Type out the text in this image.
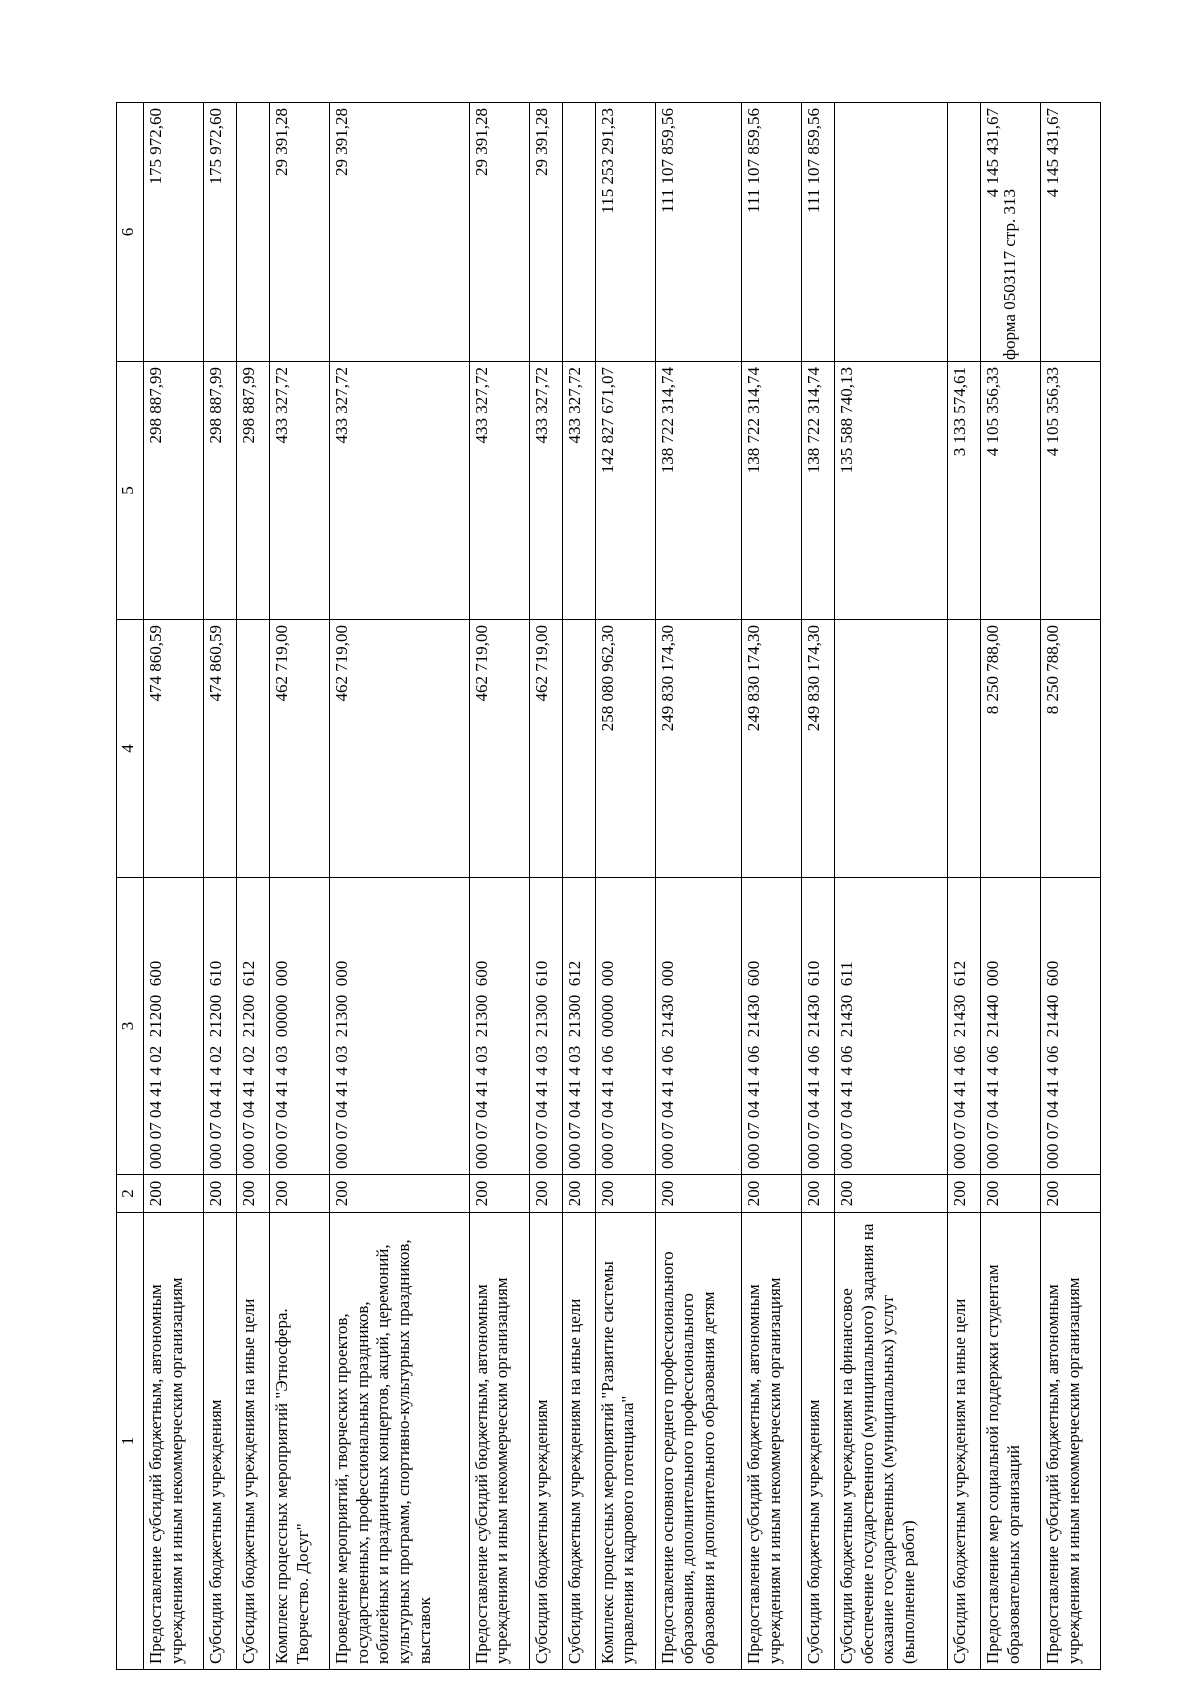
форма 0503117 стр. 313
1	2	3	4	5	6
Предоставление субсидий бюджетным, автономным учреждениям и иным некоммерческим организациям	200	000 07 04 41 4 02  21200  600	474 860,59	298 887,99	175 972,60
Субсидии бюджетным учреждениям	200	000 07 04 41 4 02  21200  610	474 860,59	298 887,99	175 972,60
Субсидии бюджетным учреждениям на иные цели	200	000 07 04 41 4 02  21200  612		298 887,99	
Комплекс процессных мероприятий "Этносфера. Творчество. Досуг"	200	000 07 04 41 4 03  00000  000	462 719,00	433 327,72	29 391,28
Проведение мероприятий, творческих проектов, государственных, профессиональных праздников, юбилейных и праздничных концертов, акций, церемоний, культурных программ, спортивно-культурных праздников, выставок	200	000 07 04 41 4 03  21300  000	462 719,00	433 327,72	29 391,28
Предоставление субсидий бюджетным, автономным учреждениям и иным некоммерческим организациям	200	000 07 04 41 4 03  21300  600	462 719,00	433 327,72	29 391,28
Субсидии бюджетным учреждениям	200	000 07 04 41 4 03  21300  610	462 719,00	433 327,72	29 391,28
Субсидии бюджетным учреждениям на иные цели	200	000 07 04 41 4 03  21300  612		433 327,72	
Комплекс процессных мероприятий "Развитие системы управления и кадрового потенциала"	200	000 07 04 41 4 06  00000  000	258 080 962,30	142 827 671,07	115 253 291,23
Предоставление основного среднего профессионального образования, дополнительного профессионального образования и дополнительного образования детям	200	000 07 04 41 4 06  21430  000	249 830 174,30	138 722 314,74	111 107 859,56
Предоставление субсидий бюджетным, автономным учреждениям и иным некоммерческим организациям	200	000 07 04 41 4 06  21430  600	249 830 174,30	138 722 314,74	111 107 859,56
Субсидии бюджетным учреждениям	200	000 07 04 41 4 06  21430  610	249 830 174,30	138 722 314,74	111 107 859,56
Субсидии бюджетным учреждениям на финансовое обеспечение государственного (муниципального) задания на оказание государственных (муниципальных) услуг (выполнение работ)	200	000 07 04 41 4 06  21430  611		135 588 740,13	
Субсидии бюджетным учреждениям на иные цели	200	000 07 04 41 4 06  21430  612		3 133 574,61	
Предоставление мер социальной поддержки студентам образовательных организаций	200	000 07 04 41 4 06  21440  000	8 250 788,00	4 105 356,33	4 145 431,67
Предоставление субсидий бюджетным, автономным учреждениям и иным некоммерческим организациям	200	000 07 04 41 4 06  21440  600	8 250 788,00	4 105 356,33	4 145 431,67
